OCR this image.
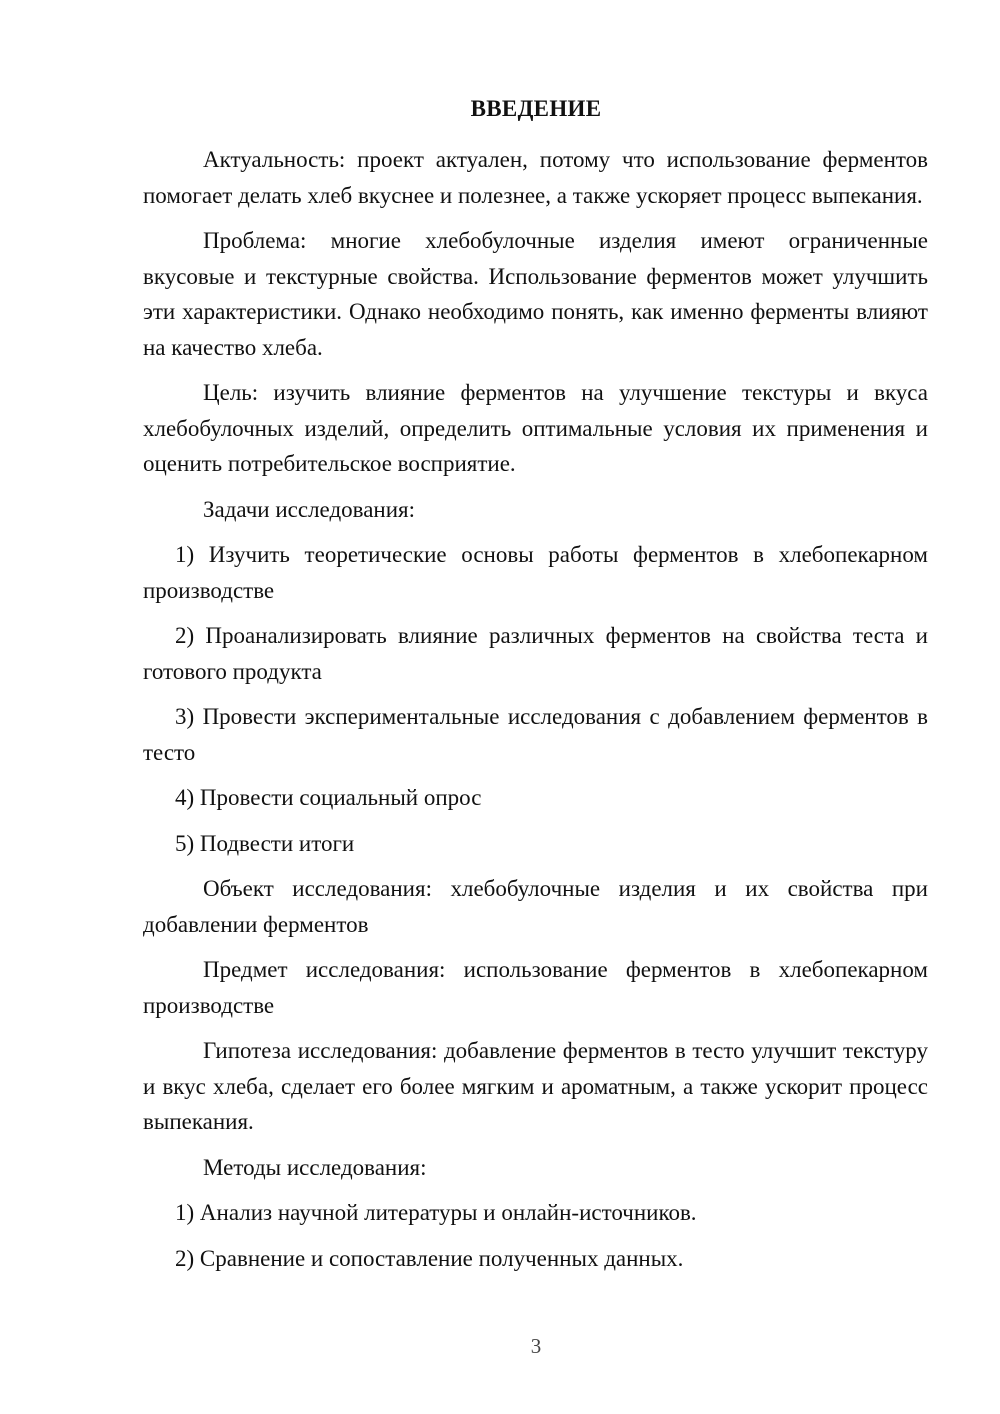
ВВЕДЕНИЕ

Актуальность: проект актуален, потому что использование ферментов помогает делать хлеб вкуснее и полезнее, а также ускоряет процесс выпекания.

Проблема: многие хлебобулочные изделия имеют ограниченные вкусовые и текстурные свойства. Использование ферментов может улучшить эти характеристики. Однако необходимо понять, как именно ферменты влияют на качество хлеба.

Цель: изучить влияние ферментов на улучшение текстуры и вкуса хлебобулочных изделий, определить оптимальные условия их применения и оценить потребительское восприятие.

Задачи исследования:

1) Изучить теоретические основы работы ферментов в хлебопекарном производстве

2) Проанализировать влияние различных ферментов на свойства теста и готового продукта

3) Провести экспериментальные исследования с добавлением ферментов в тесто

4) Провести социальный опрос

5) Подвести итоги

Объект исследования: хлебобулочные изделия и их свойства при добавлении ферментов

Предмет исследования: использование ферментов в хлебопекарном производстве

Гипотеза исследования: добавление ферментов в тесто улучшит текстуру и вкус хлеба, сделает его более мягким и ароматным, а также ускорит процесс выпекания.

Методы исследования:

1) Анализ научной литературы и онлайн-источников.

2) Сравнение и сопоставление полученных данных.

3
